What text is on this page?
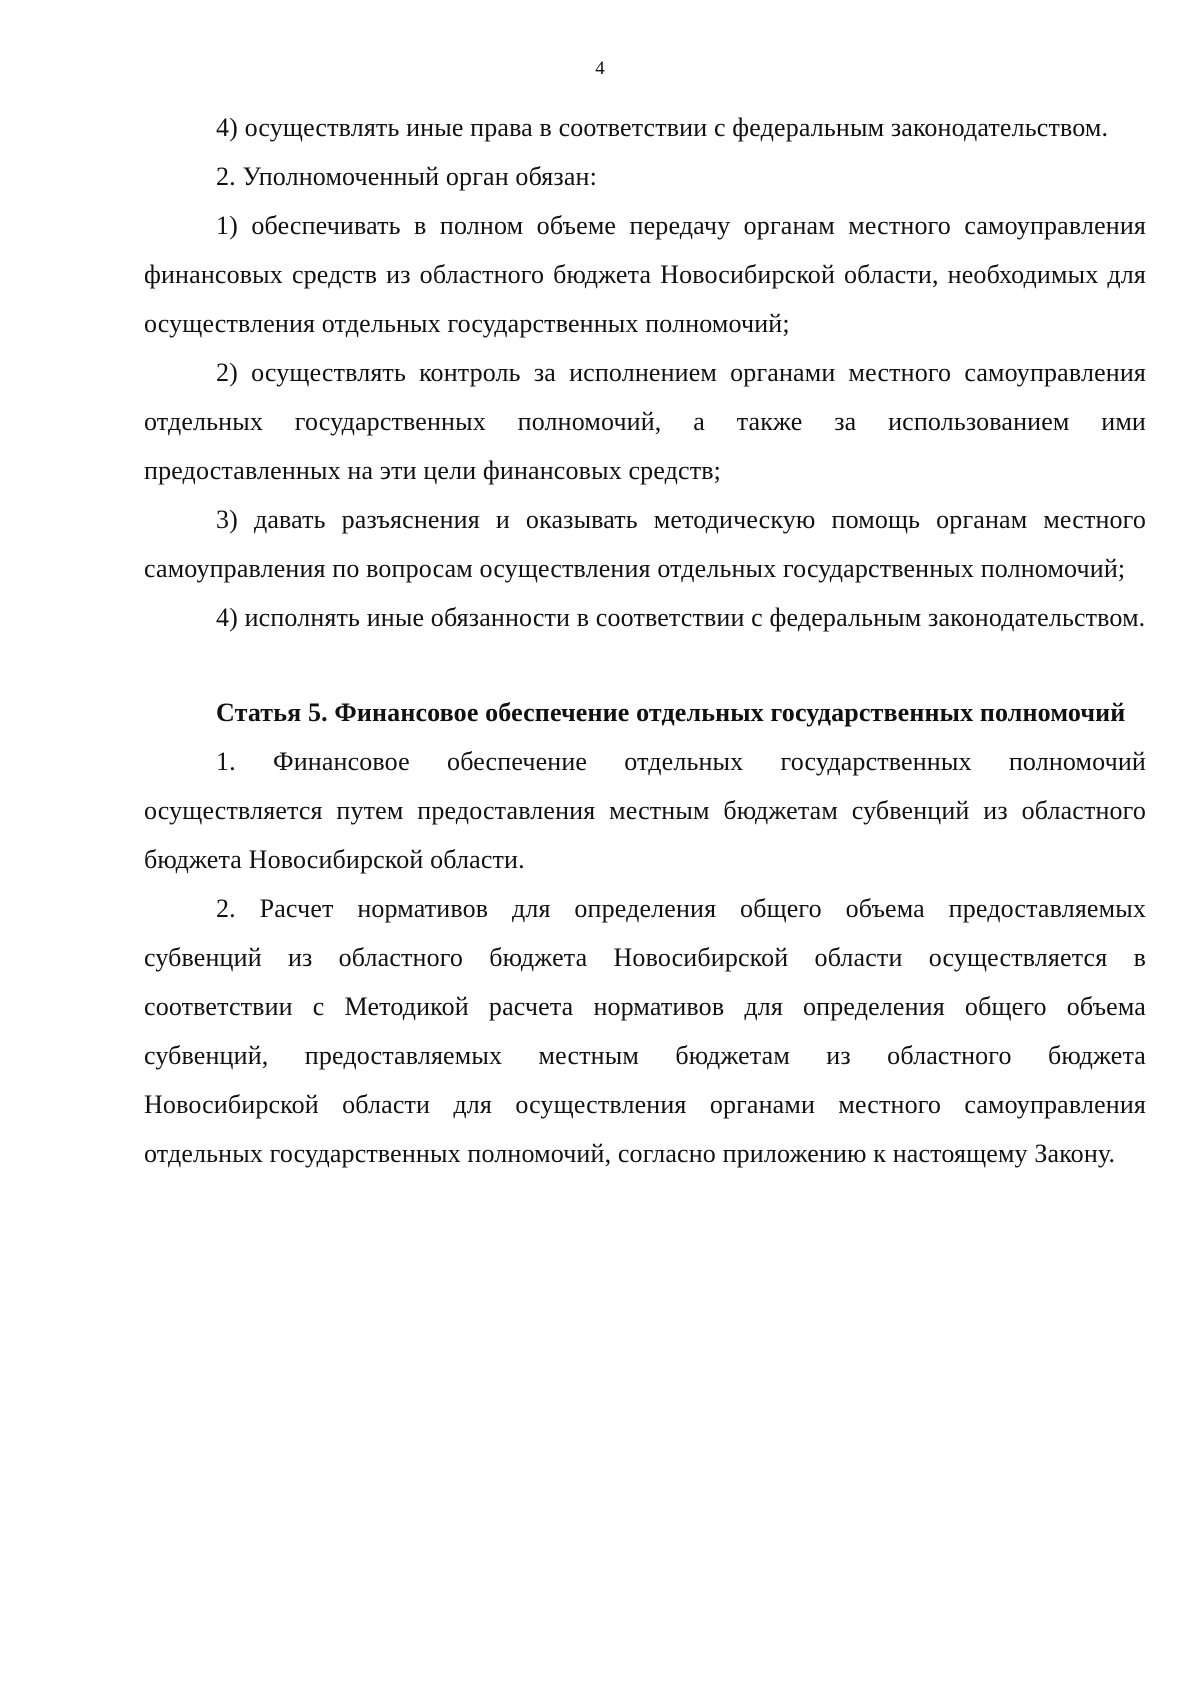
4

4) осуществлять иные права в соответствии с федеральным законодательством.

2. Уполномоченный орган обязан:

1) обеспечивать в полном объеме передачу органам местного самоуправления финансовых средств из областного бюджета Новосибирской области, необходимых для осуществления отдельных государственных полномочий;

2) осуществлять контроль за исполнением органами местного самоуправления отдельных государственных полномочий, а также за использованием ими предоставленных на эти цели финансовых средств;

3) давать разъяснения и оказывать методическую помощь органам местного самоуправления по вопросам осуществления отдельных государственных полномочий;

4) исполнять иные обязанности в соответствии с федеральным законодательством.

Статья 5. Финансовое обеспечение отдельных государственных полномочий

1. Финансовое обеспечение отдельных государственных полномочий осуществляется путем предоставления местным бюджетам субвенций из областного бюджета Новосибирской области.

2. Расчет нормативов для определения общего объема предоставляемых субвенций из областного бюджета Новосибирской области осуществляется в соответствии с Методикой расчета нормативов для определения общего объема субвенций, предоставляемых местным бюджетам из областного бюджета Новосибирской области для осуществления органами местного самоуправления отдельных государственных полномочий, согласно приложению к настоящему Закону.
